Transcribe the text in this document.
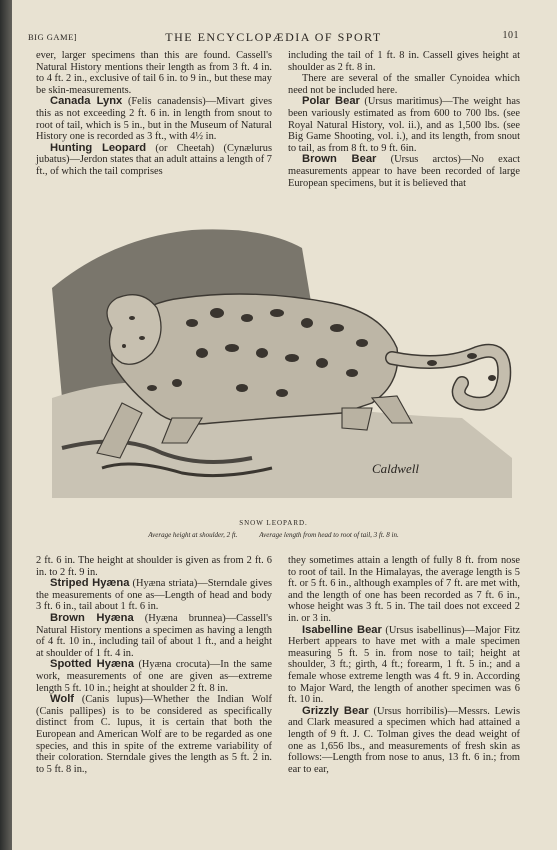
BIG GAME]	THE ENCYCLOPÆDIA OF SPORT	101

ever, larger specimens than this are found. Cassell's Natural History mentions their length as from 3 ft. 4 in. to 4 ft. 2 in., exclusive of tail 6 in. to 9 in., but these may be skin-measurements.

Canada Lynx (Felis canadensis)—Mivart gives this as not exceeding 2 ft. 6 in. in length from snout to root of tail, which is 5 in., but in the Museum of Natural History one is recorded as 3 ft., with 4½ in.

Hunting Leopard (or Cheetah) (Cynælurus jubatus)—Jerdon states that an adult attains a length of 7 ft., of which the tail comprises

including the tail of 1 ft. 8 in. Cassell gives height at shoulder as 2 ft. 8 in.

There are several of the smaller Cynoidea which need not be included here.

Polar Bear (Ursus maritimus)—The weight has been variously estimated as from 600 to 700 lbs. (see Royal Natural History, vol. ii.), and as 1,500 lbs. (see Big Game Shooting, vol. i.), and its length, from snout to tail, as from 8 ft. to 9 ft. 6in.

Brown Bear (Ursus arctos)—No exact measurements appear to have been recorded of large European specimens, but it is believed that

Caldwell
SNOW LEOPARD.
Average height at shoulder, 2 ft.	Average length from head to root of tail, 3 ft. 8 in.

2 ft. 6 in. The height at shoulder is given as from 2 ft. 6 in. to 2 ft. 9 in.

Striped Hyæna (Hyæna striata)—Sterndale gives the measurements of one as—Length of head and body 3 ft. 6 in., tail about 1 ft. 6 in.

Brown Hyæna (Hyæna brunnea)—Cassell's Natural History mentions a specimen as having a length of 4 ft. 10 in., including tail of about 1 ft., and a height at shoulder of 1 ft. 4 in.

Spotted Hyæna (Hyæna crocuta)—In the same work, measurements of one are given as—extreme length 5 ft. 10 in.; height at shoulder 2 ft. 8 in.

Wolf (Canis lupus)—Whether the Indian Wolf (Canis pallipes) is to be considered as specifically distinct from C. lupus, it is certain that both the European and American Wolf are to be regarded as one species, and this in spite of the extreme variability of their coloration. Sterndale gives the length as 5 ft. 2 in. to 5 ft. 8 in.,

they sometimes attain a length of fully 8 ft. from nose to root of tail. In the Himalayas, the average length is 5 ft. or 5 ft. 6 in., although examples of 7 ft. are met with, and the length of one has been recorded as 7 ft. 6 in., whose height was 3 ft. 5 in. The tail does not exceed 2 in. or 3 in.

Isabelline Bear (Ursus isabellinus)—Major Fitz Herbert appears to have met with a male specimen measuring 5 ft. 5 in. from nose to tail; height at shoulder, 3 ft.; girth, 4 ft.; forearm, 1 ft. 5 in.; and a female whose extreme length was 4 ft. 9 in. According to Major Ward, the length of another specimen was 6 ft. 10 in.

Grizzly Bear (Ursus horribilis)—Messrs. Lewis and Clark measured a specimen which had attained a length of 9 ft. J. C. Tolman gives the dead weight of one as 1,656 lbs., and measurements of fresh skin as follows:—Length from nose to anus, 13 ft. 6 in.; from ear to ear,
